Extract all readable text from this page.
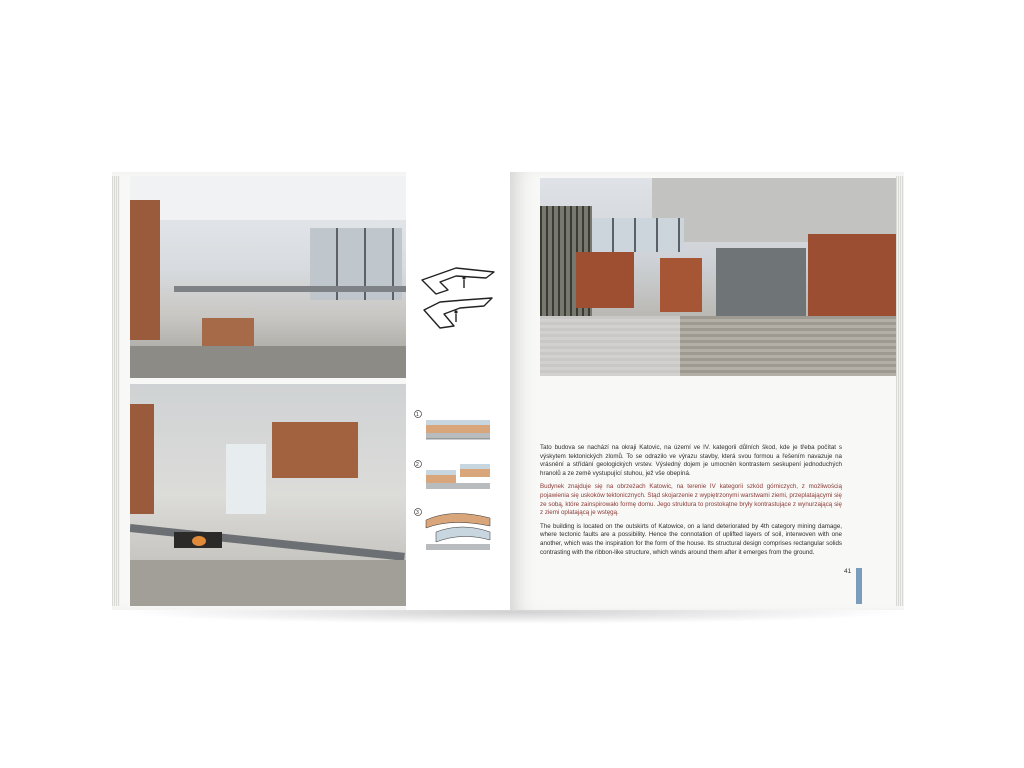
1
2
3

Tato budova se nachází na okraji Katovic, na území ve IV. kategorii důlních škod, kde je třeba počítat s výskytem tektonických zlomů. To se odrazilo ve výrazu stavby, která svou formou a řešením navazuje na vrásnění a střídání geologických vrstev. Výsledný dojem je umocněn kontrastem seskupení jednoduchých hranolů a ze země vystupující stuhou, jež vše obepíná.

Budynek znajduje się na obrzeżach Katowic, na terenie IV kategorii szkód górniczych, z możliwością pojawienia się uskoków tektonicznych. Stąd skojarzenie z wypiętrzonymi warstwami ziemi, przeplatającymi się ze sobą, które zainspirowało formę domu. Jego struktura to prostokątne bryły kontrastujące z wynurzającą się z ziemi oplatającą je wstęgą.

The building is located on the outskirts of Katowice, on a land deteriorated by 4th category mining damage, where tectonic faults are a possibility. Hence the connotation of uplifted layers of soil, interwoven with one another, which was the inspiration for the form of the house. Its structural design comprises rectangular solids contrasting with the ribbon-like structure, which winds around them after it emerges from the ground.

41
